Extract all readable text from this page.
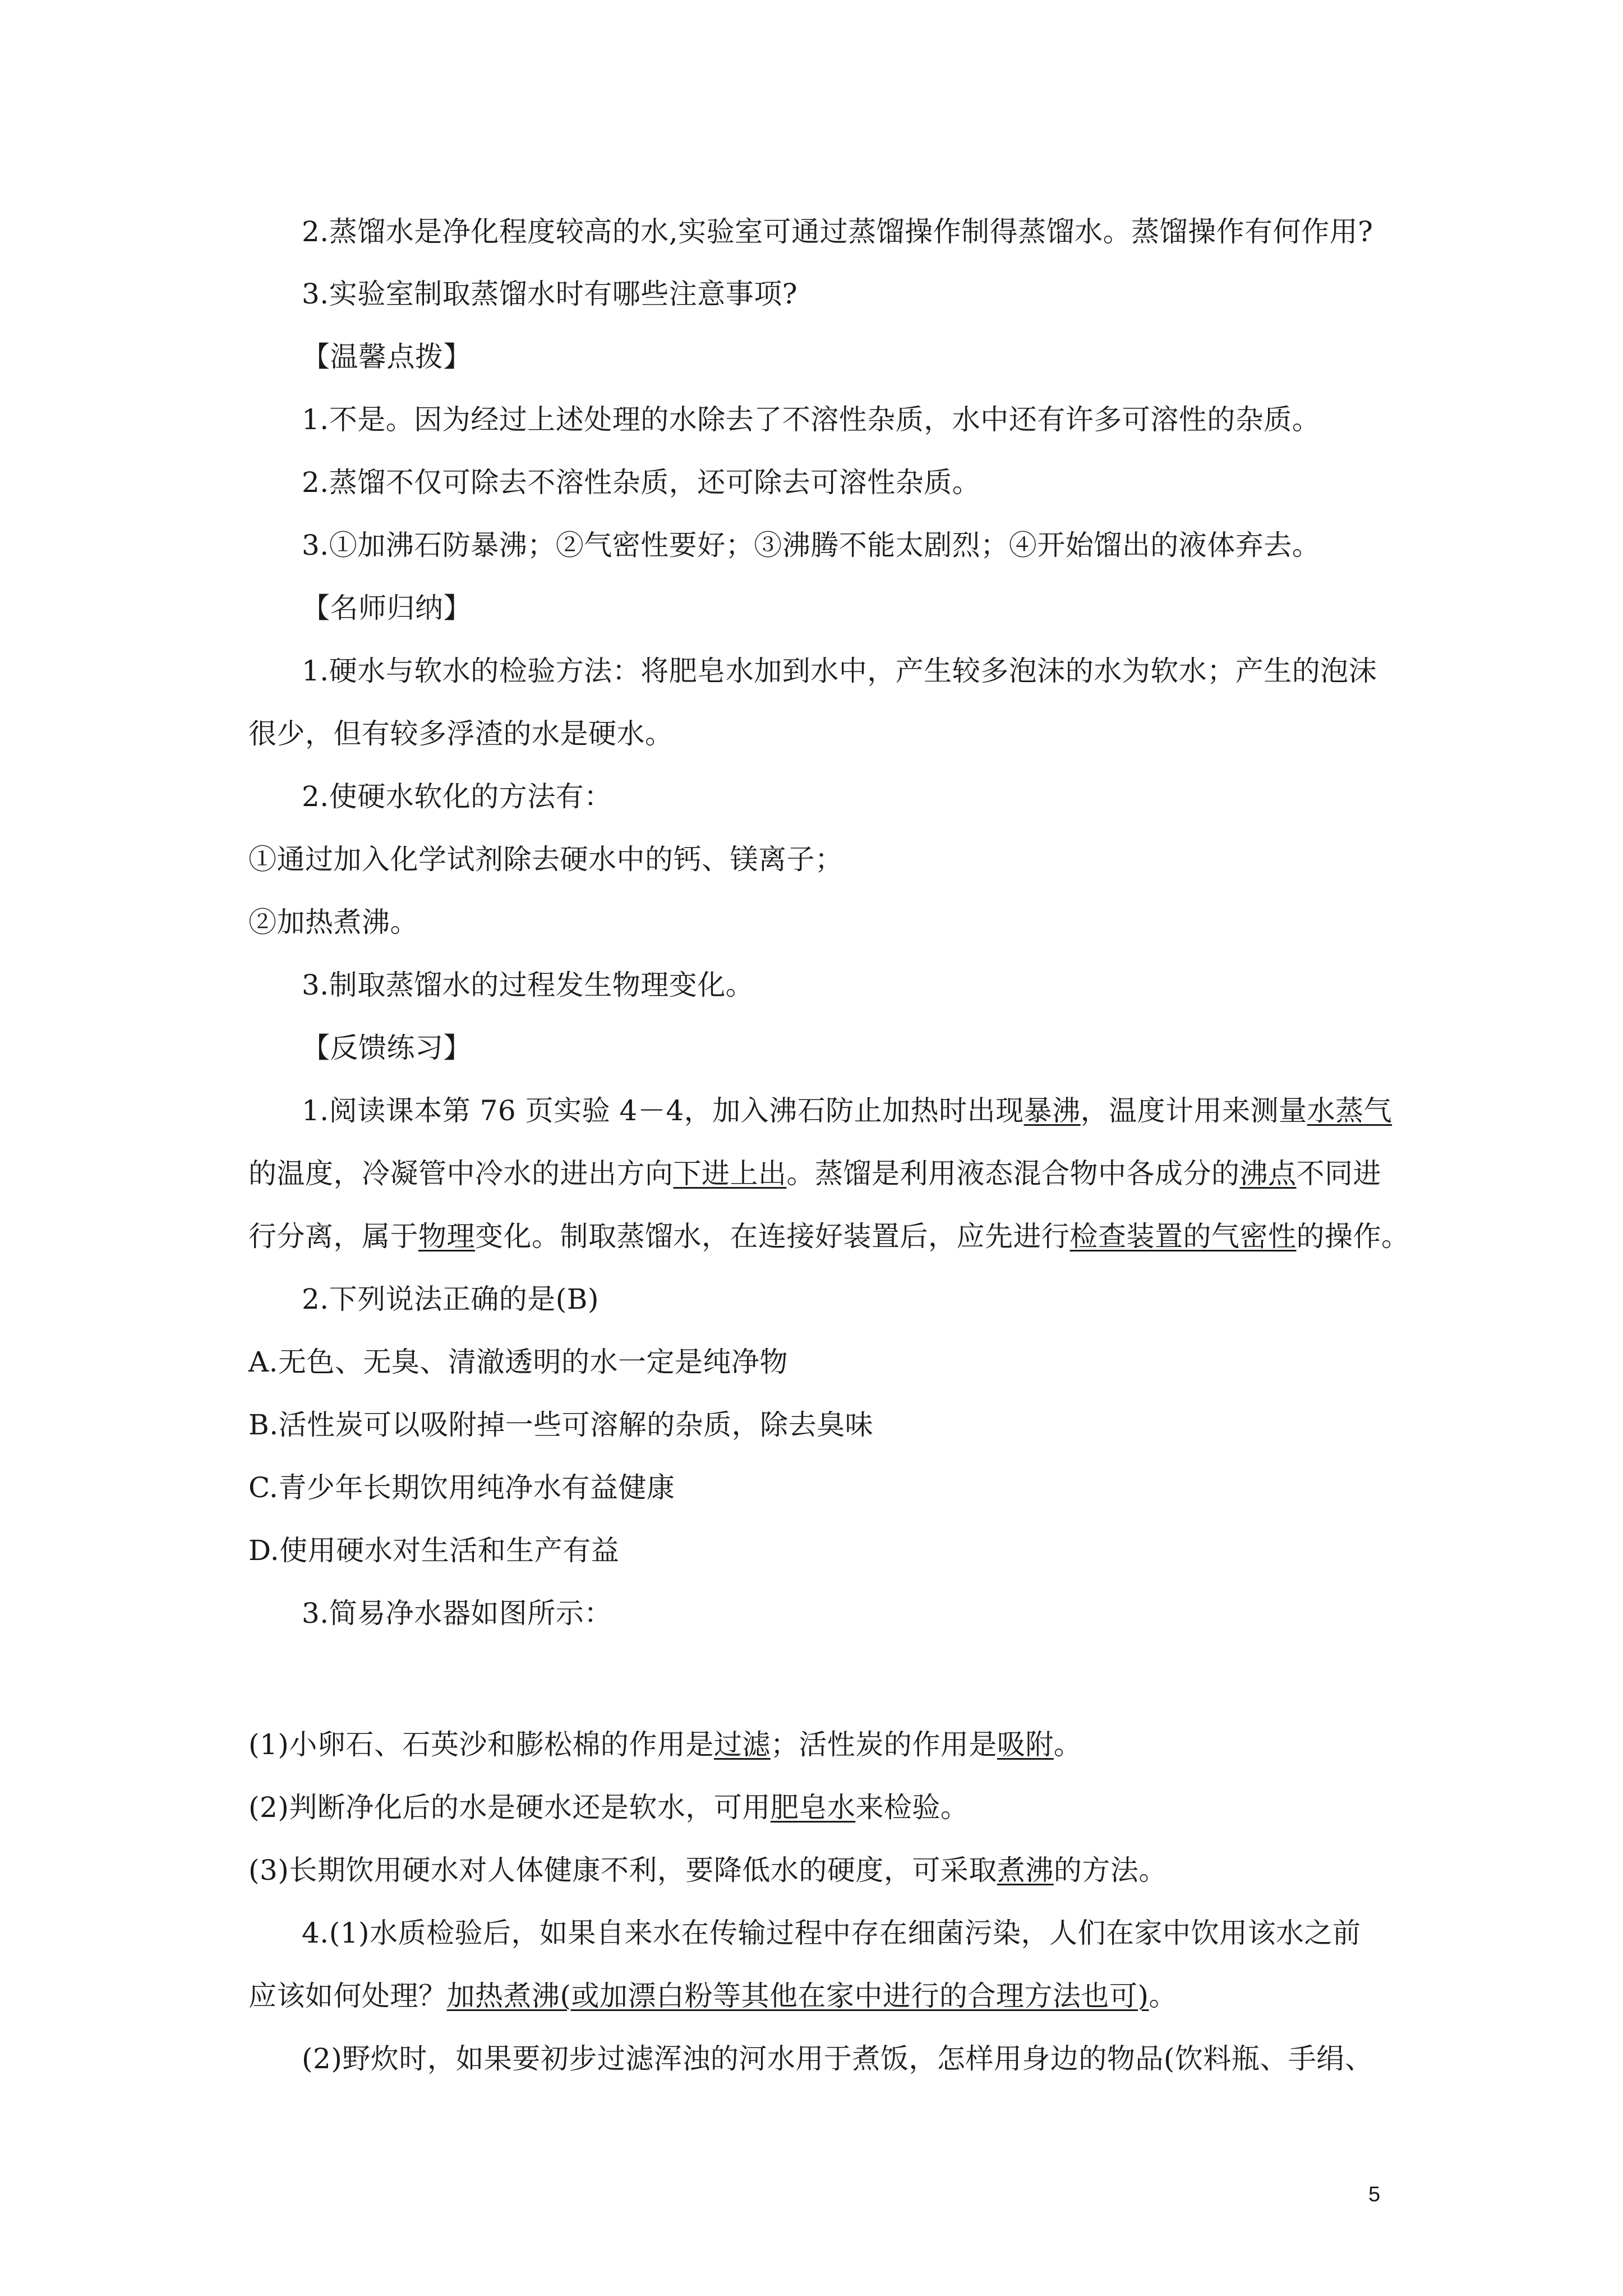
2.蒸馏水是净化程度较高的水,实验室可通过蒸馏操作制得蒸馏水。蒸馏操作有何作用?
3.实验室制取蒸馏水时有哪些注意事项?
【温馨点拨】
1.不是。因为经过上述处理的水除去了不溶性杂质，水中还有许多可溶性的杂质。
2.蒸馏不仅可除去不溶性杂质，还可除去可溶性杂质。
3.①加沸石防暴沸；②气密性要好；③沸腾不能太剧烈；④开始馏出的液体弃去。
【名师归纳】
1.硬水与软水的检验方法：将肥皂水加到水中，产生较多泡沫的水为软水；产生的泡沫
很少，但有较多浮渣的水是硬水。
2.使硬水软化的方法有：
①通过加入化学试剂除去硬水中的钙、镁离子；
②加热煮沸。
3.制取蒸馏水的过程发生物理变化。
【反馈练习】
1.阅读课本第 76 页实验 4－4，加入沸石防止加热时出现暴沸，温度计用来测量水蒸气
的温度，冷凝管中冷水的进出方向下进上出。蒸馏是利用液态混合物中各成分的沸点不同进
行分离，属于物理变化。制取蒸馏水，在连接好装置后，应先进行检查装置的气密性的操作。
2.下列说法正确的是(B)
A.无色、无臭、清澈透明的水一定是纯净物
B.活性炭可以吸附掉一些可溶解的杂质，除去臭味
C.青少年长期饮用纯净水有益健康
D.使用硬水对生活和生产有益
3.简易净水器如图所示：
(1)小卵石、石英沙和膨松棉的作用是过滤；活性炭的作用是吸附。
(2)判断净化后的水是硬水还是软水，可用肥皂水来检验。
(3)长期饮用硬水对人体健康不利，要降低水的硬度，可采取煮沸的方法。
4.(1)水质检验后，如果自来水在传输过程中存在细菌污染，人们在家中饮用该水之前
应该如何处理？加热煮沸(或加漂白粉等其他在家中进行的合理方法也可)。
(2)野炊时，如果要初步过滤浑浊的河水用于煮饭，怎样用身边的物品(饮料瓶、手绢、
5
